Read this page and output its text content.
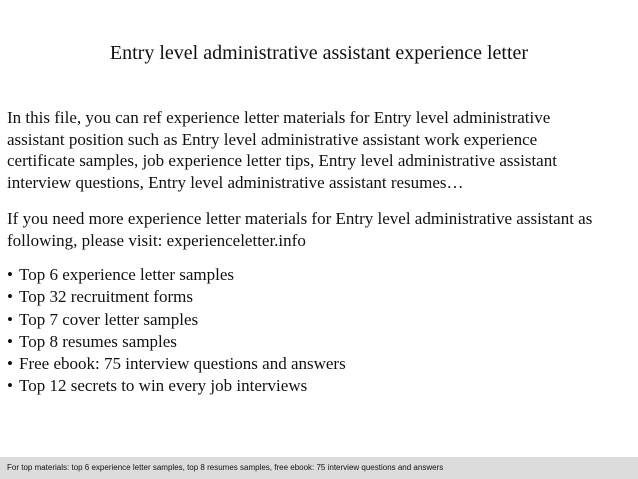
Entry level administrative assistant experience letter

In this file, you can ref experience letter materials for Entry level administrative
assistant position such as Entry level administrative assistant work experience
certificate samples, job experience letter tips, Entry level administrative assistant
interview questions, Entry level administrative assistant resumes…

If you need more experience letter materials for Entry level administrative assistant as
following, please visit: experienceletter.info

• Top 6 experience letter samples
• Top 32 recruitment forms
• Top 7 cover letter samples
• Top 8 resumes samples
• Free ebook: 75 interview questions and answers
• Top 12 secrets to win every job interviews
For top materials: top 6 experience letter samples, top 8 resumes samples, free ebook: 75 interview questions and answers
